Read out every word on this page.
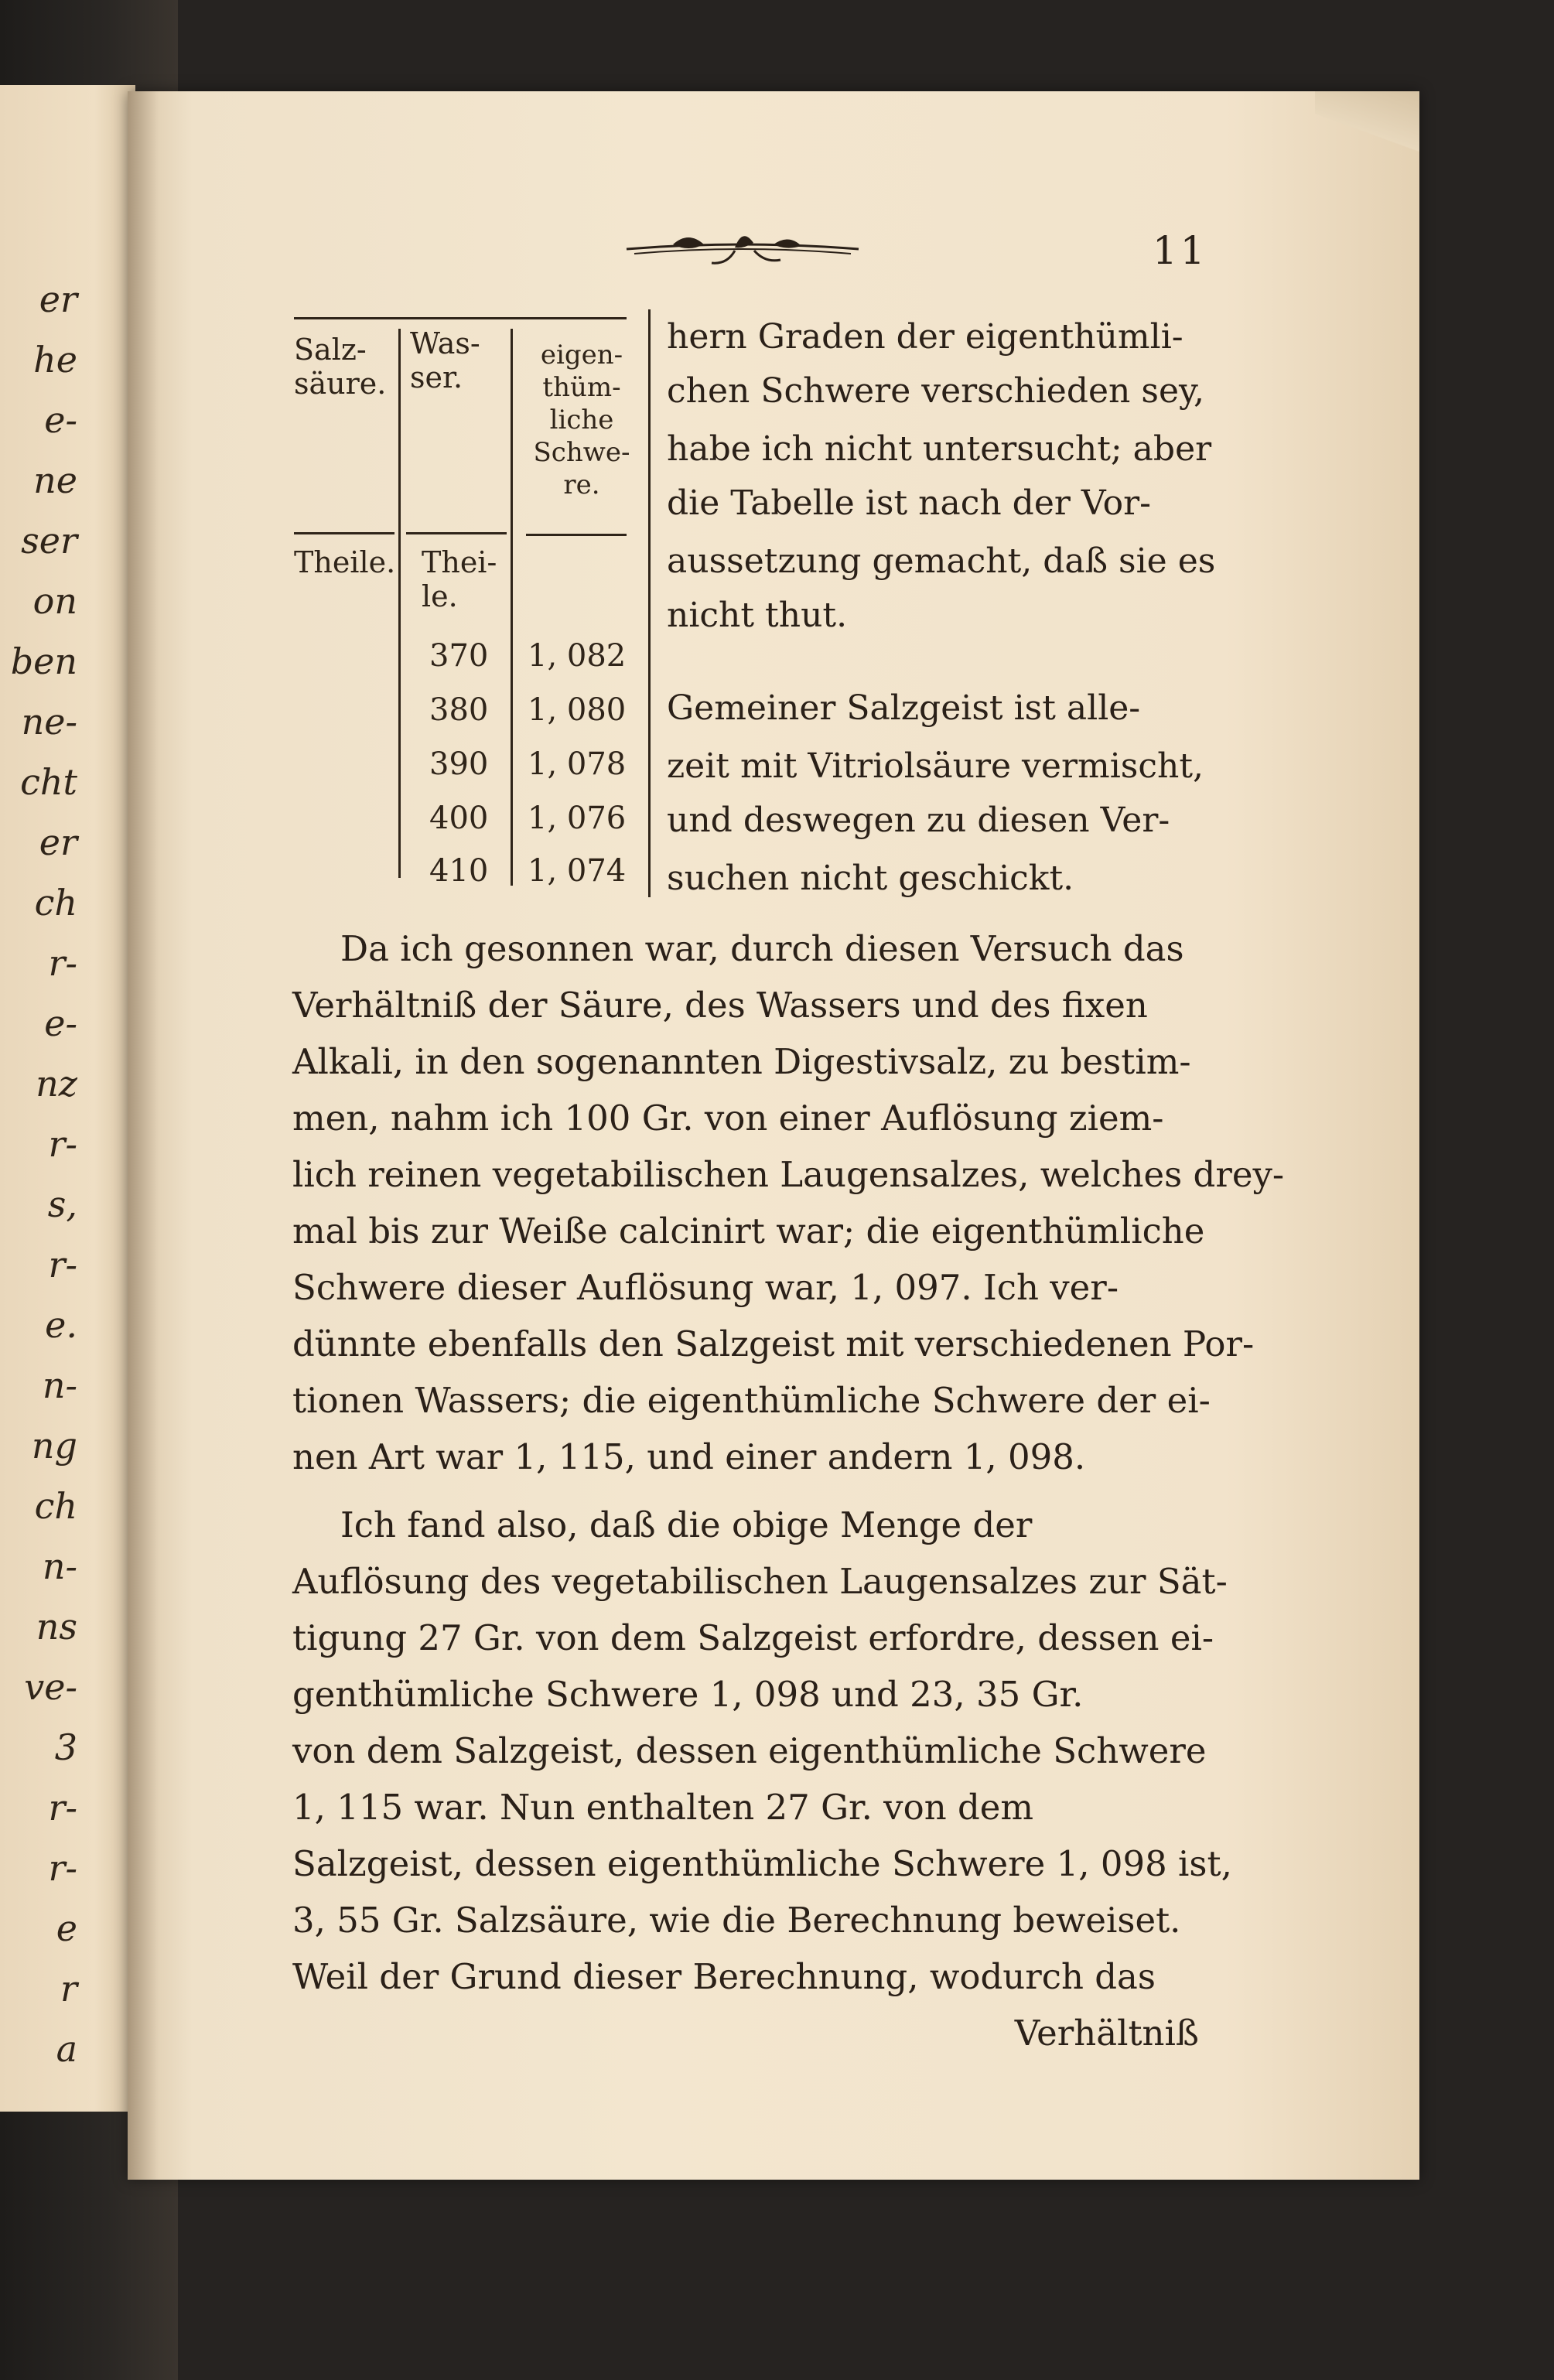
er
he
e-
ne
ser
on
ben
ne-
cht
er
ch
r-
e-
nz
r-
s,
r-
e.
n-
ng
ch
n-
ns
ve-
3
r-
r-
e
r
a
11
Salz-
säure.
Was-
ser.
eigen-
thüm-
liche
Schwe-
re.
Theile. Thei-
le.
370
380
390
400
410
1, 082
1, 080
1, 078
1, 076
1, 074
hern Graden der eigenthümli-
chen Schwere verschieden sey,
habe ich nicht untersucht; aber
die Tabelle ist nach der Vor-
aussetzung gemacht, daß sie es
nicht thut.
Gemeiner Salzgeist ist alle-
zeit mit Vitriolsäure vermischt,
und deswegen zu diesen Ver-
suchen nicht geschickt.
Da ich gesonnen war, durch diesen Versuch das
Verhältniß der Säure, des Wassers und des fixen
Alkali, in den sogenannten Digestivsalz, zu bestim-
men, nahm ich 100 Gr. von einer Auflösung ziem-
lich reinen vegetabilischen Laugensalzes, welches drey-
mal bis zur Weiße calcinirt war; die eigenthümliche
Schwere dieser Auflösung war, 1, 097. Ich ver-
dünnte ebenfalls den Salzgeist mit verschiedenen Por-
tionen Wassers; die eigenthümliche Schwere der ei-
nen Art war 1, 115, und einer andern 1, 098.
Ich fand also, daß die obige Menge der
Auflösung des vegetabilischen Laugensalzes zur Sät-
tigung 27 Gr. von dem Salzgeist erfordre, dessen ei-
genthümliche Schwere 1, 098 und 23, 35 Gr.
von dem Salzgeist, dessen eigenthümliche Schwere
1, 115 war. Nun enthalten 27 Gr. von dem
Salzgeist, dessen eigenthümliche Schwere 1, 098 ist,
3, 55 Gr. Salzsäure, wie die Berechnung beweiset.
Weil der Grund dieser Berechnung, wodurch das
Verhältniß
